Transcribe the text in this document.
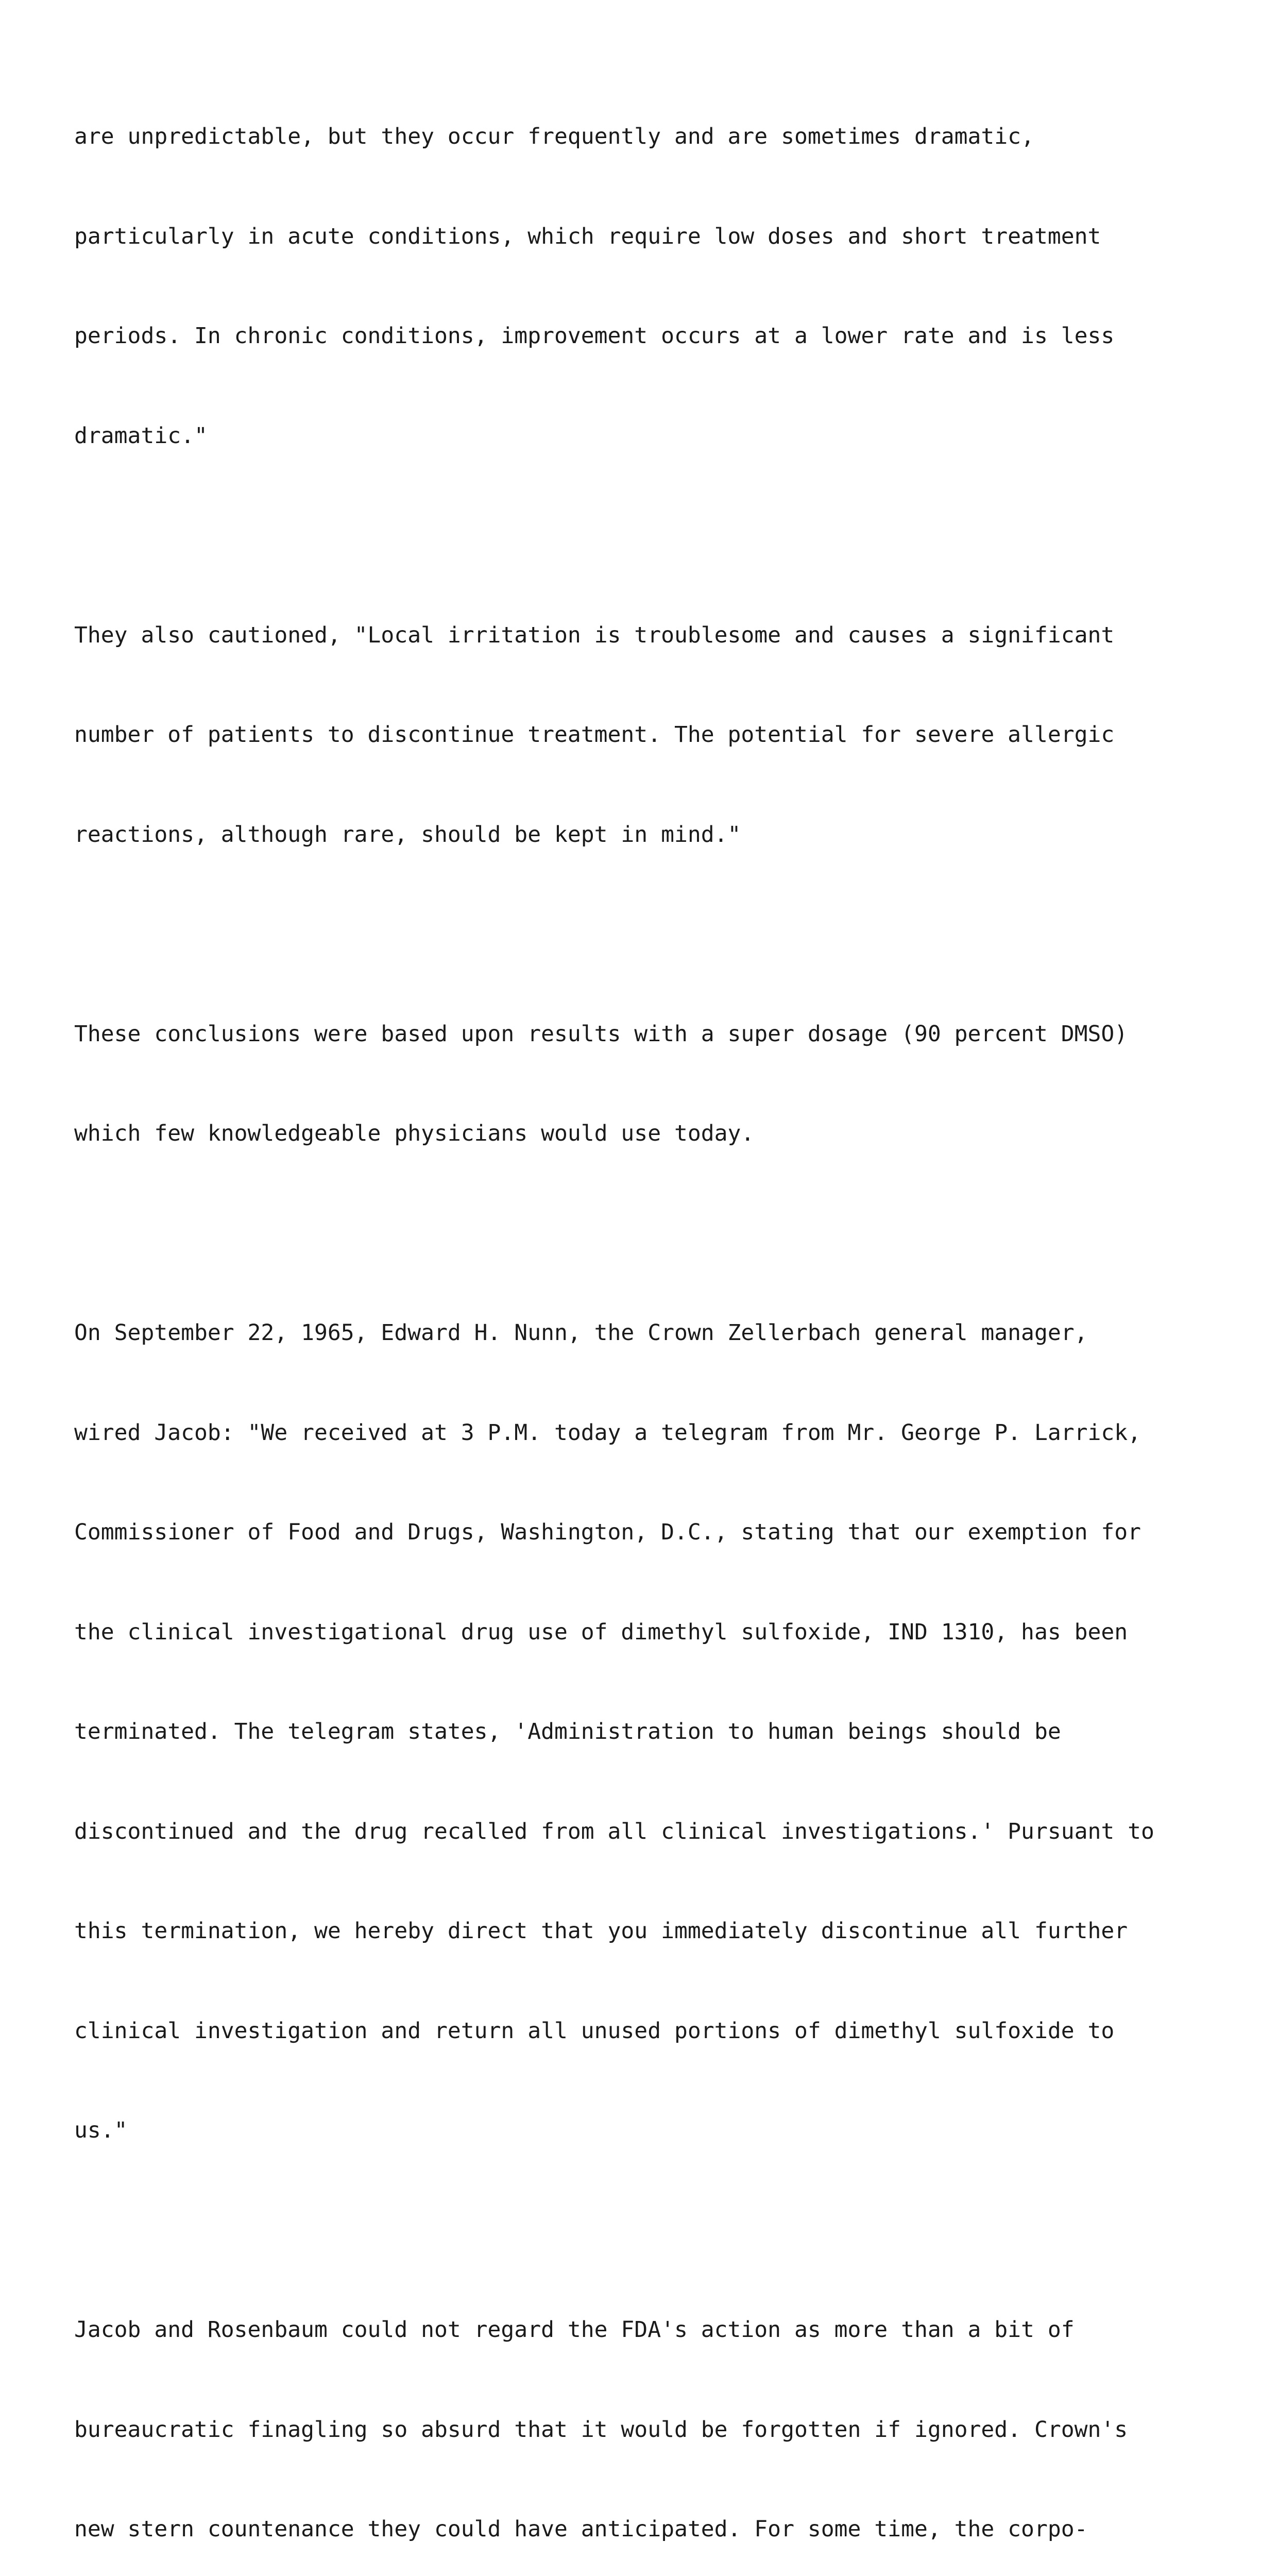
are unpredictable, but they occur frequently and are sometimes dramatic,

particularly in acute conditions, which require low doses and short treatment

periods. In chronic conditions, improvement occurs at a lower rate and is less

dramatic."

They also cautioned, "Local irritation is troublesome and causes a significant

number of patients to discontinue treatment. The potential for severe allergic

reactions, although rare, should be kept in mind."

These conclusions were based upon results with a super dosage (90 percent DMSO)

which few knowledgeable physicians would use today.

On September 22, 1965, Edward H. Nunn, the Crown Zellerbach general manager,

wired Jacob: "We received at 3 P.M. today a telegram from Mr. George P. Larrick,

Commissioner of Food and Drugs, Washington, D.C., stating that our exemption for

the clinical investigational drug use of dimethyl sulfoxide, IND 1310, has been

terminated. The telegram states, 'Administration to human beings should be

discontinued and the drug recalled from all clinical investigations.' Pursuant to

this termination, we hereby direct that you immediately discontinue all further

clinical investigation and return all unused portions of dimethyl sulfoxide to

us."

Jacob and Rosenbaum could not regard the FDA's action as more than a bit of

bureaucratic finagling so absurd that it would be forgotten if ignored. Crown's

new stern countenance they could have anticipated. For some time, the corpo-
